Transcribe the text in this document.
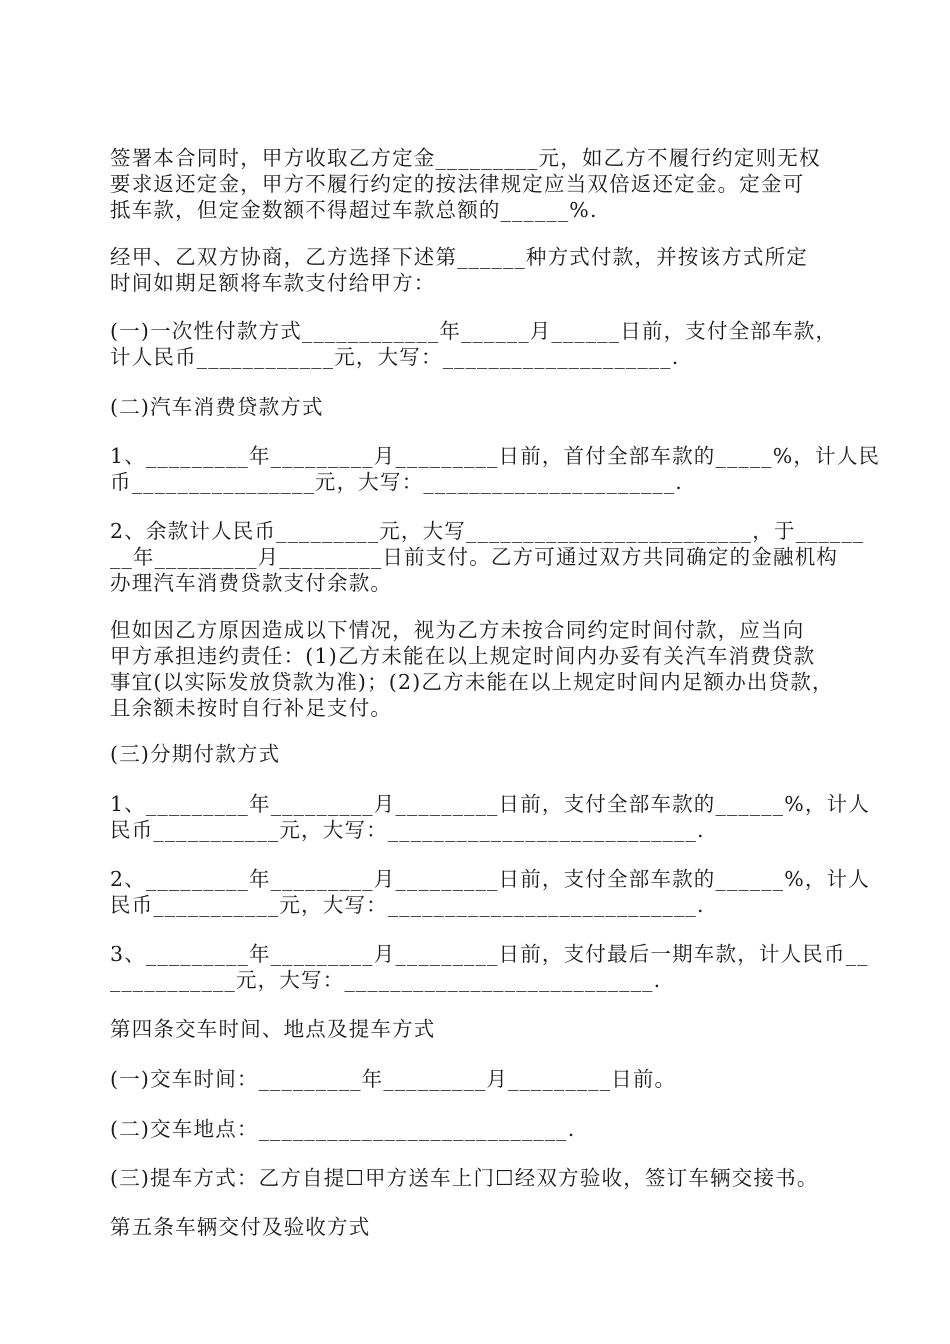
签署本合同时，甲方收取乙方定金_________元，如乙方不履行约定则无权
要求返还定金，甲方不履行约定的按法律规定应当双倍返还定金。定金可
抵车款，但定金数额不得超过车款总额的______%.
经甲、乙双方协商，乙方选择下述第______种方式付款，并按该方式所定
时间如期足额将车款支付给甲方：
(一)一次性付款方式____________年______月______日前，支付全部车款，
计人民币____________元，大写：____________________.
(二)汽车消费贷款方式
1、_________年_________月_________日前，首付全部车款的_____%，计人民
币________________元，大写：______________________.
2、余款计人民币_________元，大写_________________________，于______
__年_________月_________日前支付。乙方可通过双方共同确定的金融机构
办理汽车消费贷款支付余款。
但如因乙方原因造成以下情况，视为乙方未按合同约定时间付款，应当向
甲方承担违约责任：(1)乙方未能在以上规定时间内办妥有关汽车消费贷款
事宜(以实际发放贷款为准)；(2)乙方未能在以上规定时间内足额办出贷款，
且余额未按时自行补足支付。
(三)分期付款方式
1、_________年_________月_________日前，支付全部车款的______%，计人
民币___________元，大写：___________________________.
2、_________年_________月_________日前，支付全部车款的______%，计人
民币___________元，大写：___________________________.
3、_________年_________月_________日前，支付最后一期车款，计人民币__
___________元，大写：___________________________.
第四条交车时间、地点及提车方式
(一)交车时间：_________年_________月_________日前。
(二)交车地点：___________________________.
(三)提车方式：乙方自提☐甲方送车上门☐经双方验收，签订车辆交接书。
第五条车辆交付及验收方式
